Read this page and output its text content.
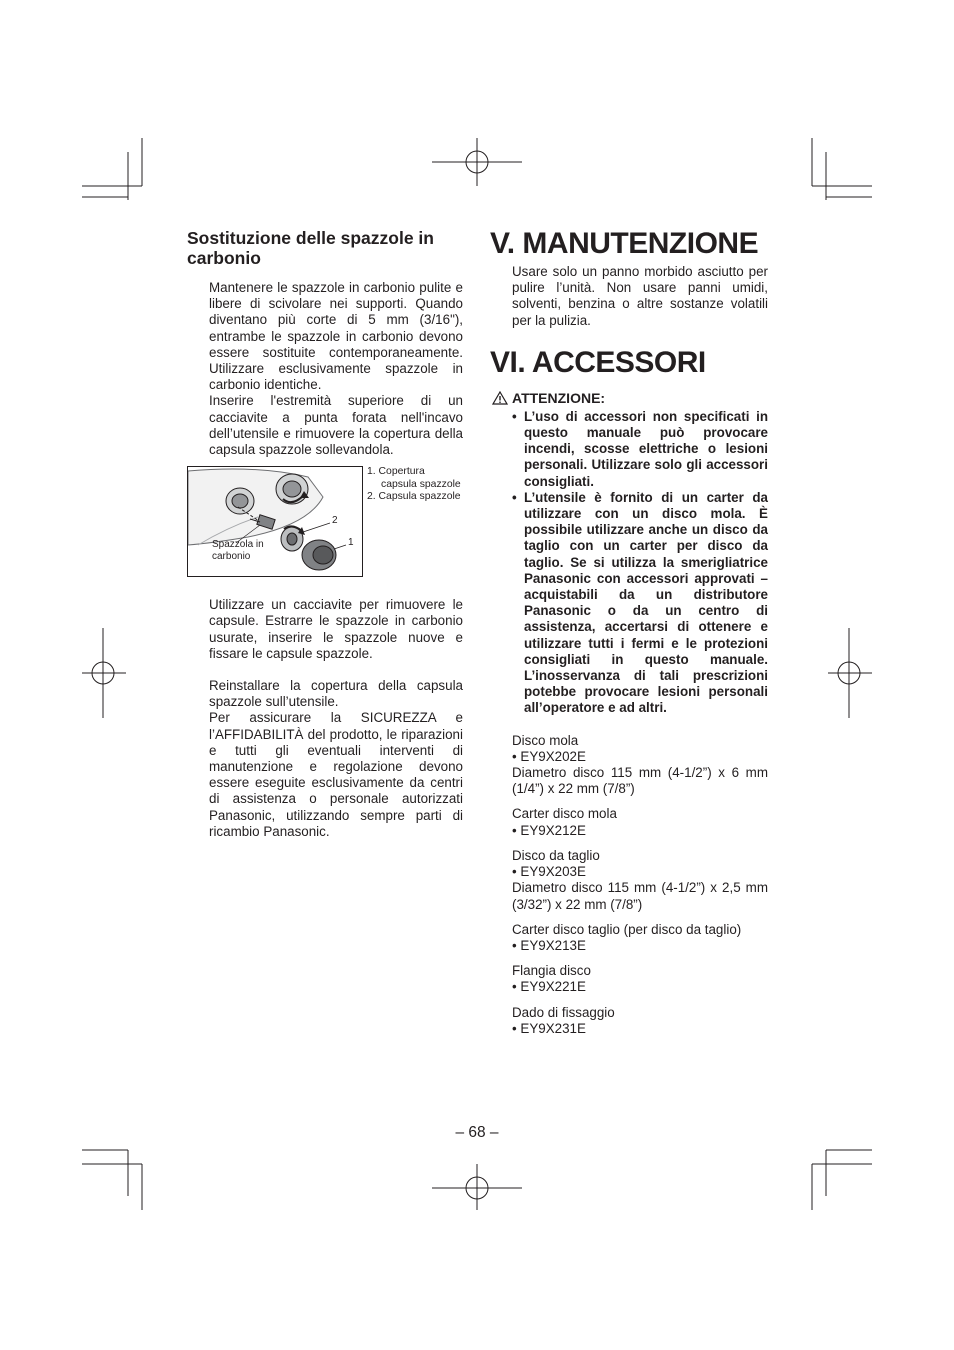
Sostituzione delle spazzole in carbonio

Mantenere le spazzole in carbonio pulite e libere di scivolare nei supporti. Quando diventano più corte di 5 mm (3/16"), entrambe le spazzole in carbonio devono essere sostituite contemporaneamente. Utilizzare esclusivamente spazzole in carbonio identiche.

Inserire l'estremità superiore di un cacciavite a punta forata nell'incavo dell’utensile e rimuovere la copertura della capsula spazzole sollevandola.

2
1
Spazzola in carbonio
1. Copertura capsula spazzole
2. Capsula spazzole

Utilizzare un cacciavite per rimuovere le capsule. Estrarre le spazzole in carbonio usurate, inserire le spazzole nuove e fissare le capsule spazzole.

Reinstallare la copertura della capsula spazzole sull’utensile.

Per assicurare la SICUREZZA e l’AFFIDABILITÀ del prodotto, le riparazioni e tutti gli eventuali interventi di manutenzione e regolazione devono essere eseguite esclusivamente da centri di assistenza o personale autorizzati Panasonic, utilizzando sempre parti di ricambio Panasonic.

V. MANUTENZIONE

Usare solo un panno morbido asciutto per pulire l’unità. Non usare panni umidi, solventi, benzina o altre sostanze volatili per la pulizia.

VI. ACCESSORI
ATTENZIONE:
• L’uso di accessori non specificati in questo manuale può provocare incendi, scosse elettriche o lesioni personali. Utilizzare solo gli accessori consigliati.
• L’utensile è fornito di un carter da utilizzare con un disco mola. È possibile utilizzare anche un disco da taglio con un carter per disco da taglio. Se si utilizza la smerigliatrice Panasonic con accessori approvati – acquistabili da un distributore Panasonic o da un centro di assistenza, accertarsi di ottenere e utilizzare tutti i fermi e le protezioni consigliati in questo manuale. L’inosservanza di tali prescrizioni potebbe provocare lesioni personali all’operatore e ad altri.
Disco mola
• EY9X202E
Diametro disco 115 mm (4-1/2”) x 6 mm (1/4”) x 22 mm (7/8”)
Carter disco mola
• EY9X212E
Disco da taglio
• EY9X203E
Diametro disco 115 mm (4-1/2”) x 2,5 mm (3/32”) x 22 mm (7/8”)
Carter disco taglio (per disco da taglio)
• EY9X213E
Flangia disco
• EY9X221E
Dado di fissaggio
• EY9X231E
– 68 –
